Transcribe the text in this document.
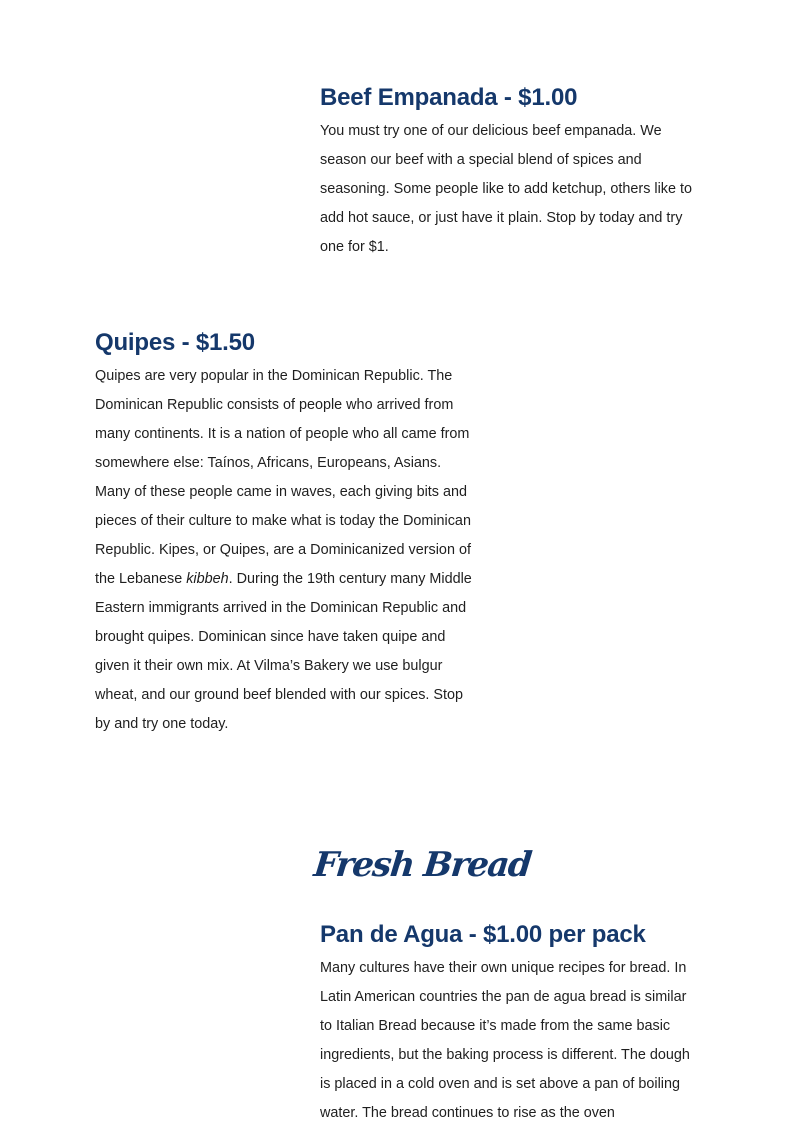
Beef Empanada - $1.00

You must try one of our delicious beef empanada. We season our beef with a special blend of spices and seasoning. Some people like to add ketchup, others like to add hot sauce, or just have it plain. Stop by today and try one for $1.

Quipes - $1.50

Quipes are very popular in the Dominican Republic. The Dominican Republic consists of people who arrived from many continents. It is a nation of people who all came from somewhere else: Taínos, Africans, Europeans, Asians. Many of these people came in waves, each giving bits and pieces of their culture to make what is today the Dominican Republic. Kipes, or Quipes, are a Dominicanized version of the Lebanese kibbeh. During the 19th century many Middle Eastern immigrants arrived in the Dominican Republic and brought quipes. Dominican since have taken quipe and given it their own mix. At Vilma’s Bakery we use bulgur wheat, and our ground beef blended with our spices. Stop by and try one today.

Fresh Bread
Pan de Agua - $1.00 per pack

Many cultures have their own unique recipes for bread. In Latin American countries the pan de agua bread is similar to Italian Bread because it’s made from the same basic ingredients, but the baking process is different. The dough is placed in a cold oven and is set above a pan of boiling water. The bread continues to rise as the oven
